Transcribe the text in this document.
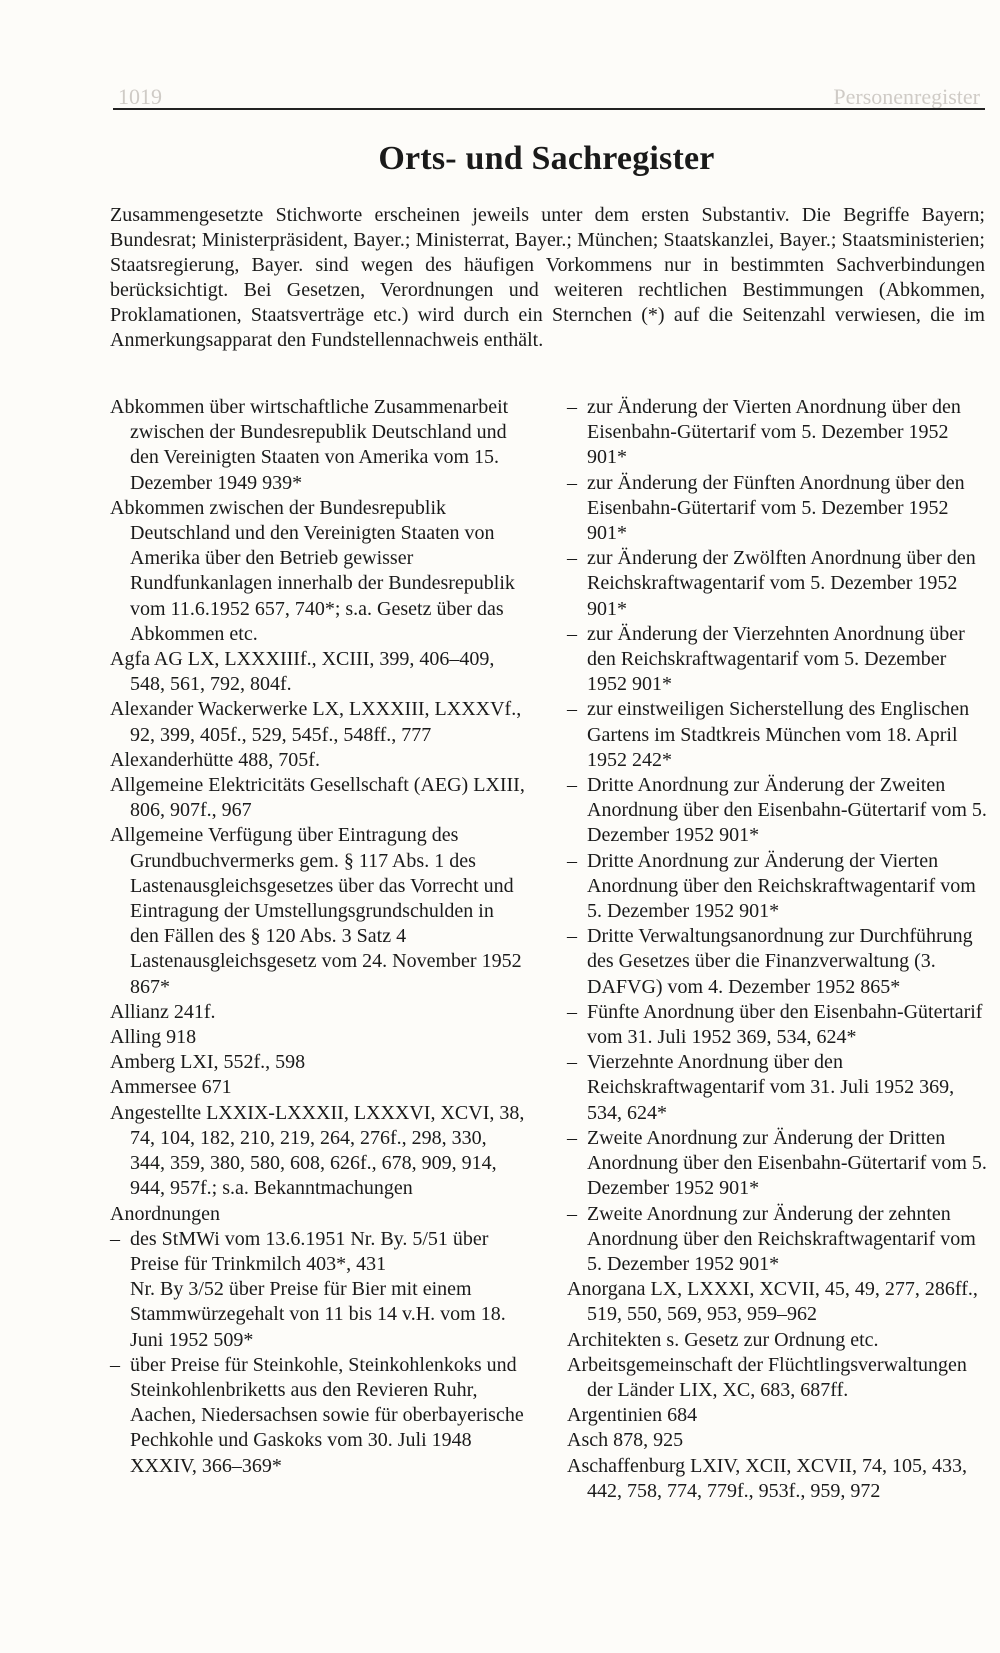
1019	Personenregister
Orts- und Sachregister
Zusammengesetzte Stichworte erscheinen jeweils unter dem ersten Substantiv. Die Begriffe Bayern; Bundesrat; Ministerpräsident, Bayer.; Ministerrat, Bayer.; München; Staatskanzlei, Bayer.; Staatsministerien; Staatsregierung, Bayer. sind wegen des häufigen Vorkommens nur in bestimmten Sachverbindungen berücksichtigt. Bei Gesetzen, Verordnungen und weiteren rechtlichen Bestimmungen (Abkommen, Proklamationen, Staatsverträge etc.) wird durch ein Sternchen (*) auf die Seitenzahl verwiesen, die im Anmerkungsapparat den Fundstellennachweis enthält.
Abkommen über wirtschaftliche Zusammenarbeit zwischen der Bundesrepublik Deutschland und den Vereinigten Staaten von Amerika vom 15. Dezember 1949 939*
Abkommen zwischen der Bundesrepublik Deutschland und den Vereinigten Staaten von Amerika über den Betrieb gewisser Rundfunkanlagen innerhalb der Bundesrepublik vom 11.6.1952 657, 740*; s.a. Gesetz über das Abkommen etc.
Agfa AG LX, LXXXIIIf., XCIII, 399, 406–409, 548, 561, 792, 804f.
Alexander Wackerwerke LX, LXXXIII, LXXXVf., 92, 399, 405f., 529, 545f., 548ff., 777
Alexanderhütte 488, 705f.
Allgemeine Elektricitäts Gesellschaft (AEG) LXIII, 806, 907f., 967
Allgemeine Verfügung über Eintragung des Grundbuchvermerks gem. § 117 Abs. 1 des Lastenausgleichsgesetzes über das Vorrecht und Eintragung der Umstellungsgrundschulden in den Fällen des § 120 Abs. 3 Satz 4 Lastenausgleichsgesetz vom 24. November 1952 867*
Allianz 241f.
Alling 918
Amberg LXI, 552f., 598
Ammersee 671
Angestellte LXXIX-LXXXII, LXXXVI, XCVI, 38, 74, 104, 182, 210, 219, 264, 276f., 298, 330, 344, 359, 380, 580, 608, 626f., 678, 909, 914, 944, 957f.; s.a. Bekanntmachungen
Anordnungen
– des StMWi vom 13.6.1951 Nr. By. 5/51 über Preise für Trinkmilch 403*, 431
Nr. By 3/52 über Preise für Bier mit einem Stammwürzegehalt von 11 bis 14 v.H. vom 18. Juni 1952 509*
– über Preise für Steinkohle, Steinkohlenkoks und Steinkohlenbriketts aus den Revieren Ruhr, Aachen, Niedersachsen sowie für oberbayerische Pechkohle und Gaskoks vom 30. Juli 1948 XXXIV, 366–369*
– zur Änderung der Vierten Anordnung über den Eisenbahn-Gütertarif vom 5. Dezember 1952 901*
– zur Änderung der Fünften Anordnung über den Eisenbahn-Gütertarif vom 5. Dezember 1952 901*
– zur Änderung der Zwölften Anordnung über den Reichskraftwagentarif vom 5. Dezember 1952 901*
– zur Änderung der Vierzehnten Anordnung über den Reichskraftwagentarif vom 5. Dezember 1952 901*
– zur einstweiligen Sicherstellung des Englischen Gartens im Stadtkreis München vom 18. April 1952 242*
– Dritte Anordnung zur Änderung der Zweiten Anordnung über den Eisenbahn-Gütertarif vom 5. Dezember 1952 901*
– Dritte Anordnung zur Änderung der Vierten Anordnung über den Reichskraftwagentarif vom 5. Dezember 1952 901*
– Dritte Verwaltungsanordnung zur Durchführung des Gesetzes über die Finanzverwaltung (3. DAFVG) vom 4. Dezember 1952 865*
– Fünfte Anordnung über den Eisenbahn-Gütertarif vom 31. Juli 1952 369, 534, 624*
– Vierzehnte Anordnung über den Reichskraftwagentarif vom 31. Juli 1952 369, 534, 624*
– Zweite Anordnung zur Änderung der Dritten Anordnung über den Eisenbahn-Gütertarif vom 5. Dezember 1952 901*
– Zweite Anordnung zur Änderung der zehnten Anordnung über den Reichskraftwagentarif vom 5. Dezember 1952 901*
Anorgana LX, LXXXI, XCVII, 45, 49, 277, 286ff., 519, 550, 569, 953, 959–962
Architekten s. Gesetz zur Ordnung etc.
Arbeitsgemeinschaft der Flüchtlingsverwaltungen der Länder LIX, XC, 683, 687ff.
Argentinien 684
Asch 878, 925
Aschaffenburg LXIV, XCII, XCVII, 74, 105, 433, 442, 758, 774, 779f., 953f., 959, 972
